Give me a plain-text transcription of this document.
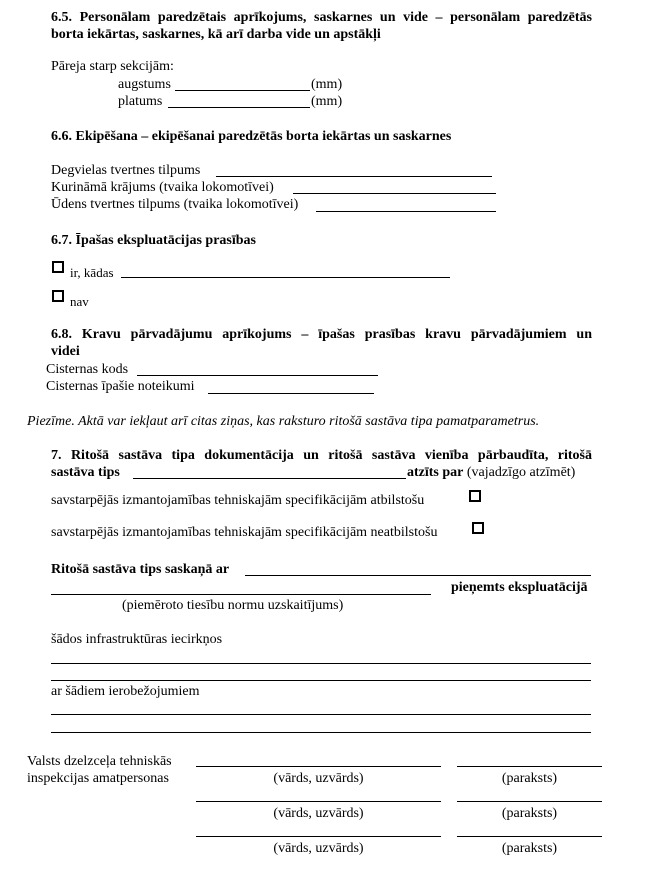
6.5. Personālam paredzētais aprīkojums, saskarnes un vide – personālam paredzētās
borta iekārtas, saskarnes, kā arī darba vide un apstākļi
Pāreja starp sekcijām:
augstums	(mm)
platums	(mm)
6.6. Ekipēšana – ekipēšanai paredzētās borta iekārtas un saskarnes
Degvielas tvertnes tilpums
Kurināmā krājums (tvaika lokomotīvei)
Ūdens tvertnes tilpums (tvaika lokomotīvei)
6.7. Īpašas ekspluatācijas prasības
ir, kādas
nav
6.8. Kravu pārvadājumu aprīkojums – īpašas prasības kravu pārvadājumiem un
videi
Cisternas kods
Cisternas īpašie noteikumi
Piezīme. Aktā var iekļaut arī citas ziņas, kas raksturo ritošā sastāva tipa pamatparametrus.
7. Ritošā sastāva tipa dokumentācija un ritošā sastāva vienība pārbaudīta, ritošā
sastāva tips	atzīts par (vajadzīgo atzīmēt)
savstarpējās izmantojamības tehniskajām specifikācijām atbilstošu
savstarpējās izmantojamības tehniskajām specifikācijām neatbilstošu
Ritošā sastāva tips saskaņā ar
pieņemts ekspluatācijā
(piemēroto tiesību normu uzskaitījums)
šādos infrastruktūras iecirkņos
ar šādiem ierobežojumiem
Valsts dzelzceļa tehniskās
inspekcijas amatpersonas	(vārds, uzvārds)	(paraksts)
(vārds, uzvārds)	(paraksts)
(vārds, uzvārds)	(paraksts)
